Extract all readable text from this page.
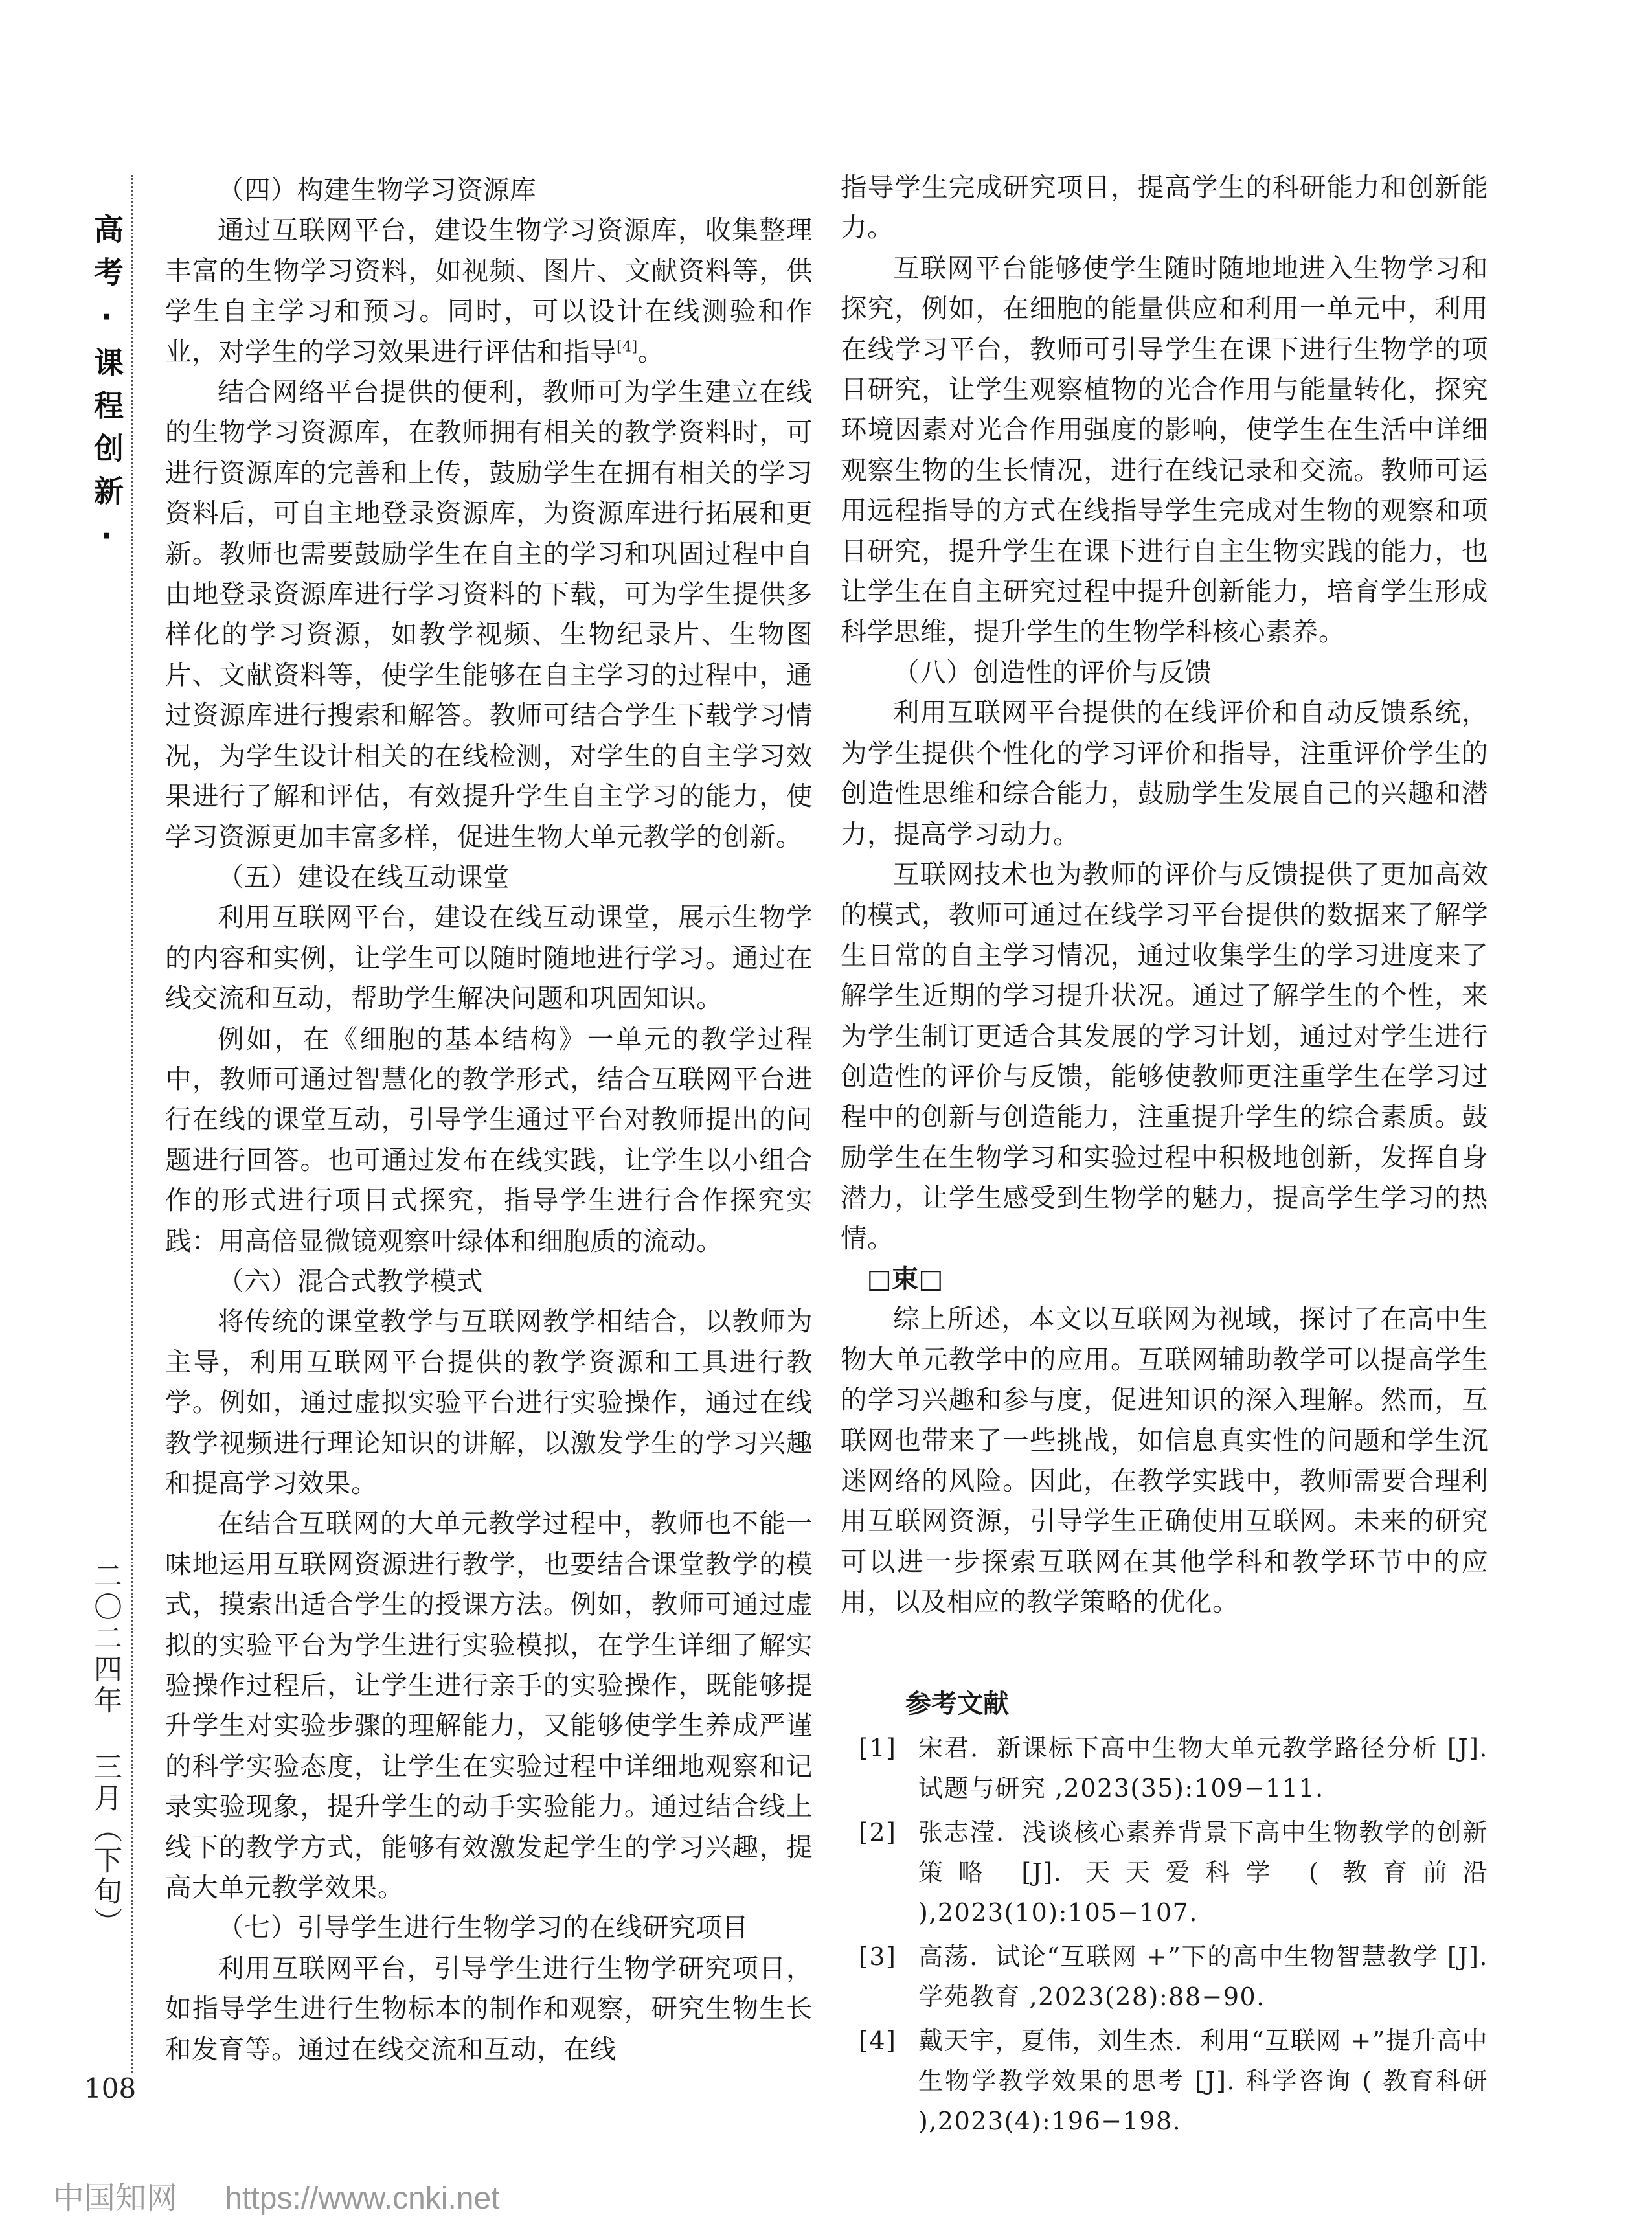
高考·课程创新·
二〇二四年 三月（下旬）
108

（四）构建生物学习资源库

通过互联网平台，建设生物学习资源库，收集整理丰富的生物学习资料，如视频、图片、文献资料等，供学生自主学习和预习。同时，可以设计在线测验和作业，对学生的学习效果进行评估和指导[4]。

结合网络平台提供的便利，教师可为学生建立在线的生物学习资源库，在教师拥有相关的教学资料时，可进行资源库的完善和上传，鼓励学生在拥有相关的学习资料后，可自主地登录资源库，为资源库进行拓展和更新。教师也需要鼓励学生在自主的学习和巩固过程中自由地登录资源库进行学习资料的下载，可为学生提供多样化的学习资源，如教学视频、生物纪录片、生物图片、文献资料等，使学生能够在自主学习的过程中，通过资源库进行搜索和解答。教师可结合学生下载学习情况，为学生设计相关的在线检测，对学生的自主学习效果进行了解和评估，有效提升学生自主学习的能力，使学习资源更加丰富多样，促进生物大单元教学的创新。

（五）建设在线互动课堂

利用互联网平台，建设在线互动课堂，展示生物学的内容和实例，让学生可以随时随地进行学习。通过在线交流和互动，帮助学生解决问题和巩固知识。

例如，在《细胞的基本结构》一单元的教学过程中，教师可通过智慧化的教学形式，结合互联网平台进行在线的课堂互动，引导学生通过平台对教师提出的问题进行回答。也可通过发布在线实践，让学生以小组合作的形式进行项目式探究，指导学生进行合作探究实践：用高倍显微镜观察叶绿体和细胞质的流动。

（六）混合式教学模式

将传统的课堂教学与互联网教学相结合，以教师为主导，利用互联网平台提供的教学资源和工具进行教学。例如，通过虚拟实验平台进行实验操作，通过在线教学视频进行理论知识的讲解，以激发学生的学习兴趣和提高学习效果。

在结合互联网的大单元教学过程中，教师也不能一味地运用互联网资源进行教学，也要结合课堂教学的模式，摸索出适合学生的授课方法。例如，教师可通过虚拟的实验平台为学生进行实验模拟，在学生详细了解实验操作过程后，让学生进行亲手的实验操作，既能够提升学生对实验步骤的理解能力，又能够使学生养成严谨的科学实验态度，让学生在实验过程中详细地观察和记录实验现象，提升学生的动手实验能力。通过结合线上线下的教学方式，能够有效激发起学生的学习兴趣，提高大单元教学效果。

（七）引导学生进行生物学习的在线研究项目

利用互联网平台，引导学生进行生物学研究项目，如指导学生进行生物标本的制作和观察，研究生物生长和发育等。通过在线交流和互动，在线

指导学生完成研究项目，提高学生的科研能力和创新能力。

互联网平台能够使学生随时随地地进入生物学习和探究，例如，在细胞的能量供应和利用一单元中，利用在线学习平台，教师可引导学生在课下进行生物学的项目研究，让学生观察植物的光合作用与能量转化，探究环境因素对光合作用强度的影响，使学生在生活中详细观察生物的生长情况，进行在线记录和交流。教师可运用远程指导的方式在线指导学生完成对生物的观察和项目研究，提升学生在课下进行自主生物实践的能力，也让学生在自主研究过程中提升创新能力，培育学生形成科学思维，提升学生的生物学科核心素养。

（八）创造性的评价与反馈

利用互联网平台提供的在线评价和自动反馈系统，为学生提供个性化的学习评价和指导，注重评价学生的创造性思维和综合能力，鼓励学生发展自己的兴趣和潜力，提高学习动力。

互联网技术也为教师的评价与反馈提供了更加高效的模式，教师可通过在线学习平台提供的数据来了解学生日常的自主学习情况，通过收集学生的学习进度来了解学生近期的学习提升状况。通过了解学生的个性，来为学生制订更适合其发展的学习计划，通过对学生进行创造性的评价与反馈，能够使教师更注重学生在学习过程中的创新与创造能力，注重提升学生的综合素质。鼓励学生在生物学习和实验过程中积极地创新，发挥自身潜力，让学生感受到生物学的魅力，提高学生学习的热情。

□束□

综上所述，本文以互联网为视域，探讨了在高中生物大单元教学中的应用。互联网辅助教学可以提高学生的学习兴趣和参与度，促进知识的深入理解。然而，互联网也带来了一些挑战，如信息真实性的问题和学生沉迷网络的风险。因此，在教学实践中，教师需要合理利用互联网资源，引导学生正确使用互联网。未来的研究可以进一步探索互联网在其他学科和教学环节中的应用，以及相应的教学策略的优化。

参考文献
[1] 宋君．新课标下高中生物大单元教学路径分析 [J]. 试题与研究 ,2023(35):109−111.
[2] 张志滢．浅谈核心素养背景下高中生物教学的创新策略 [J]. 天天爱科学 ( 教育前沿 ),2023(10):105−107.
[3] 高荡．试论“互联网 +”下的高中生物智慧教学 [J]. 学苑教育 ,2023(28):88−90.
[4] 戴天宇，夏伟，刘生杰．利用“互联网 +”提升高中生物学教学效果的思考 [J]. 科学咨询 ( 教育科研 ),2023(4):196−198.
中国知网 https://www.cnki.net
